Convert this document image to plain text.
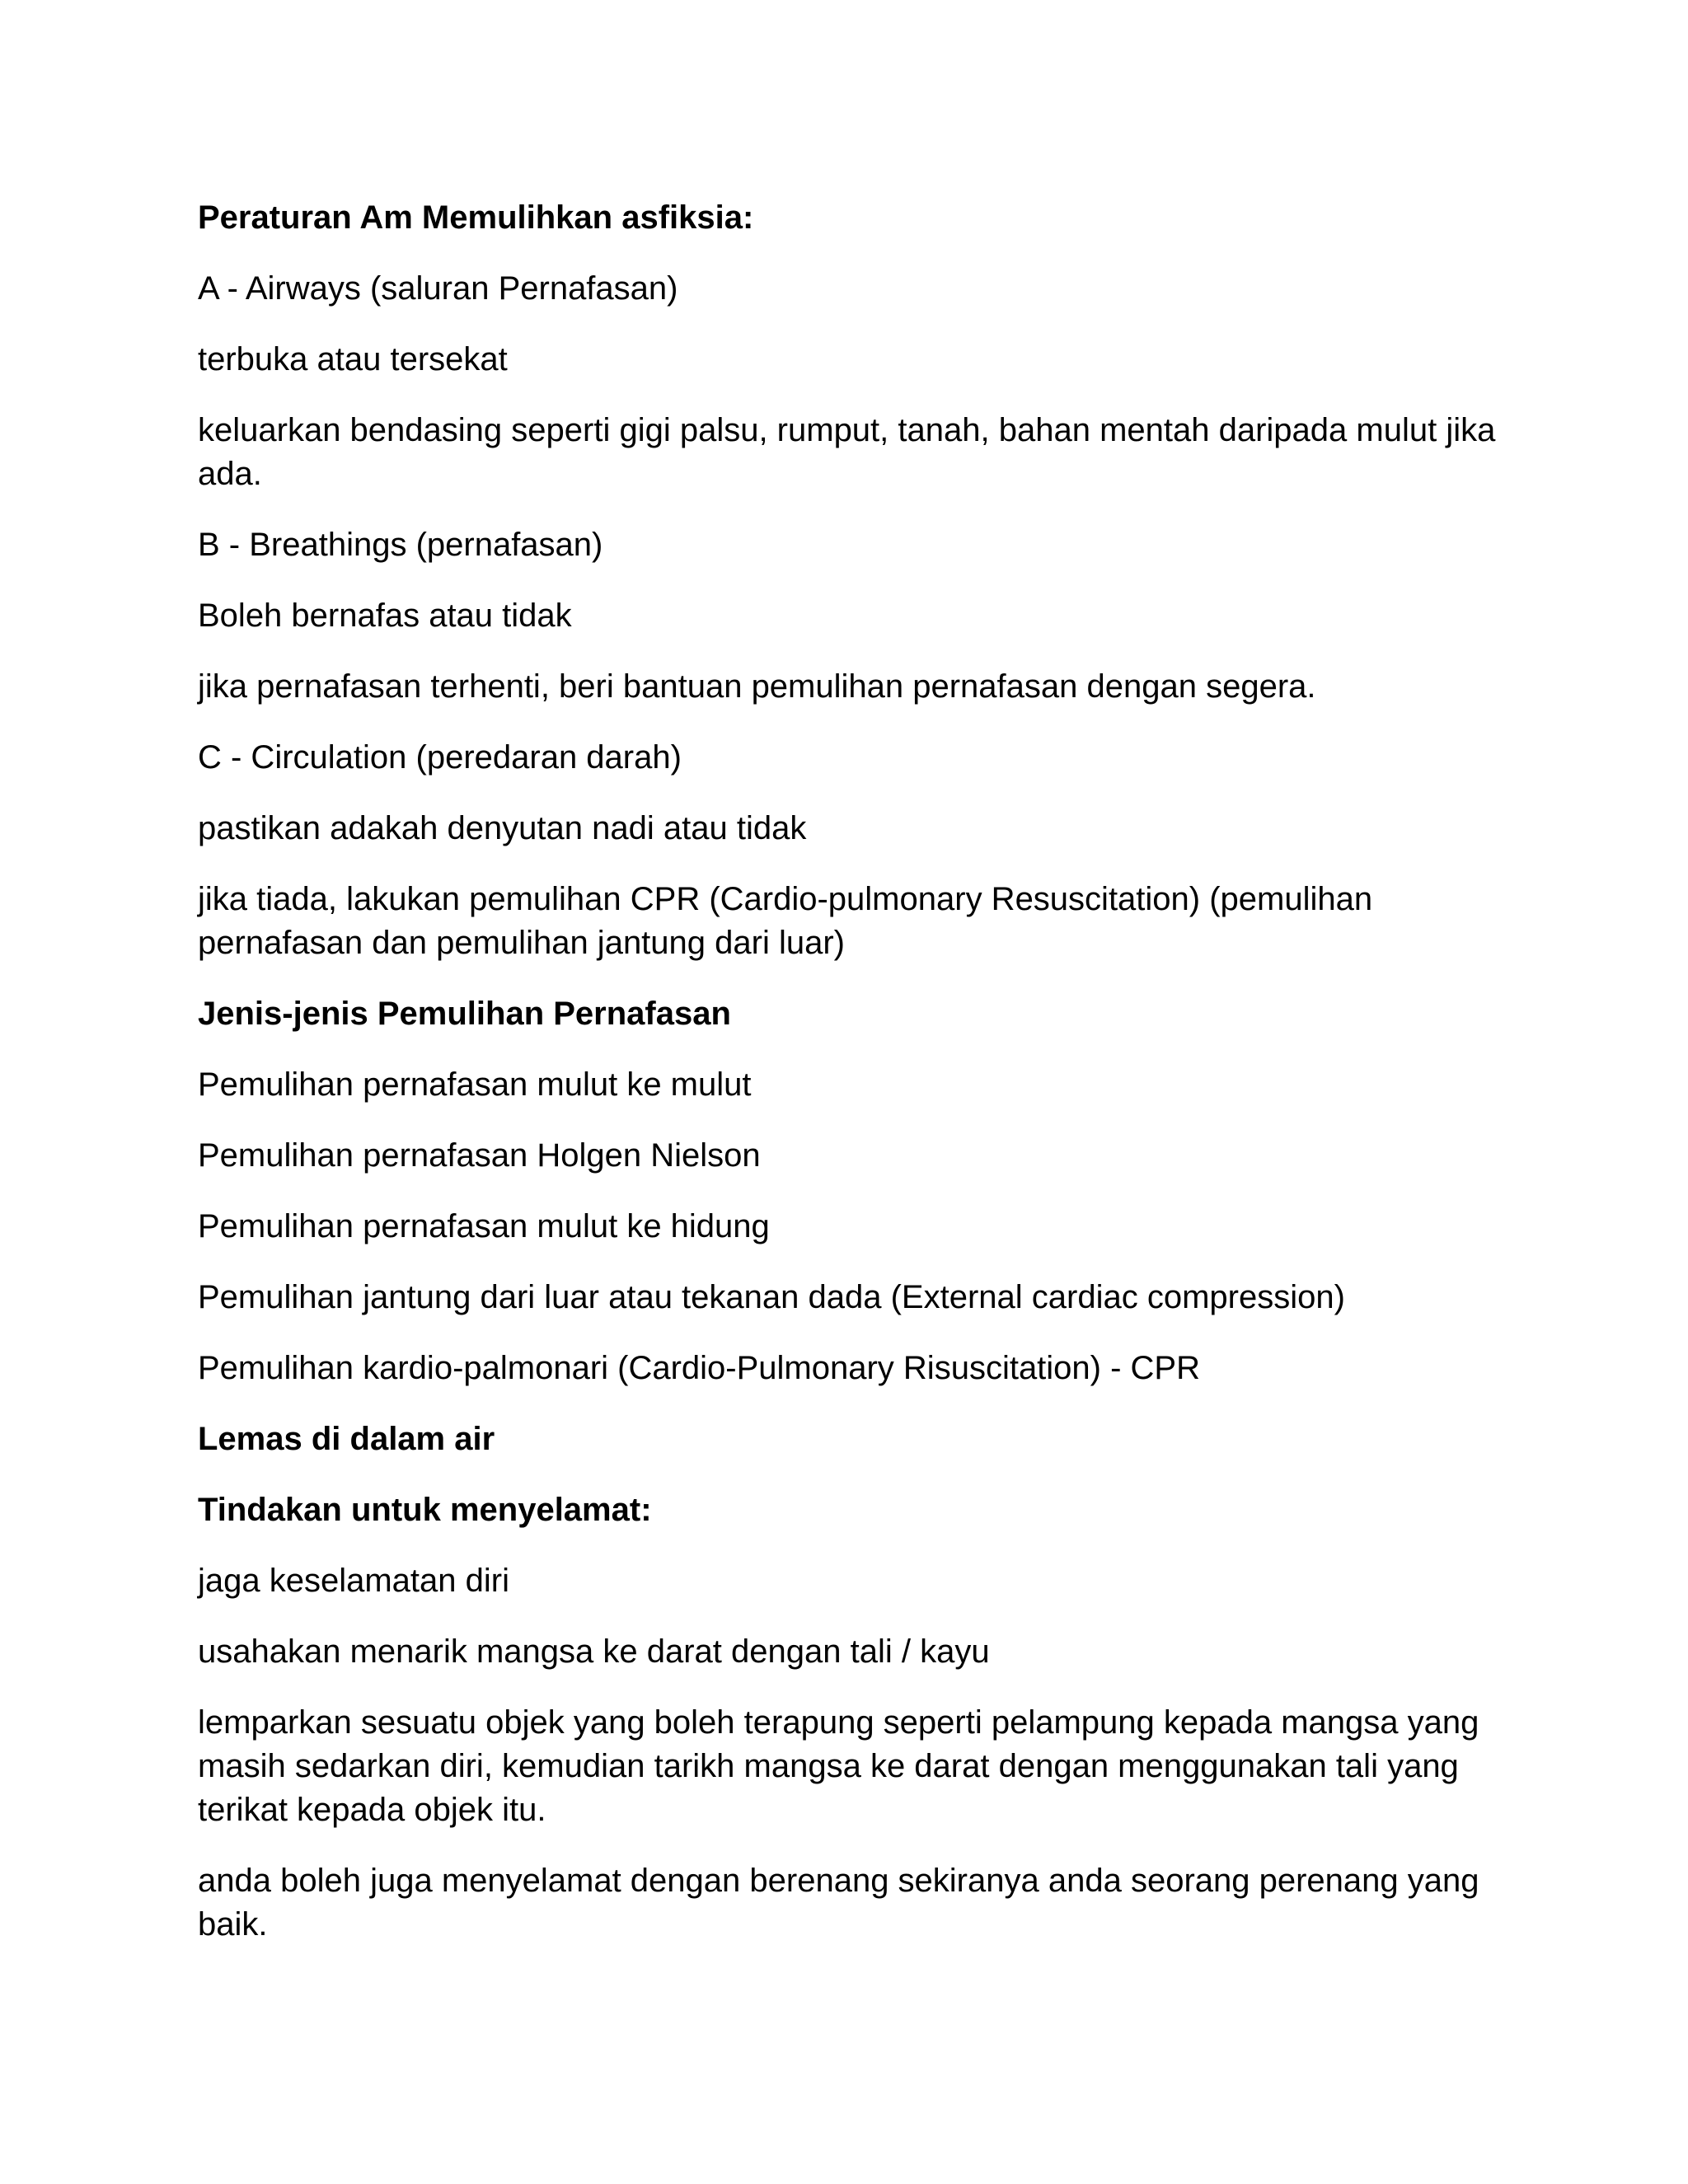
Peraturan Am Memulihkan asfiksia:

A - Airways (saluran Pernafasan)

terbuka atau tersekat

keluarkan bendasing seperti gigi palsu, rumput, tanah, bahan mentah daripada mulut jika ada.

B - Breathings (pernafasan)

Boleh bernafas atau tidak

jika pernafasan terhenti, beri bantuan pemulihan pernafasan dengan segera.

C - Circulation (peredaran darah)

pastikan adakah denyutan nadi atau tidak

jika tiada, lakukan pemulihan CPR (Cardio-pulmonary Resuscitation) (pemulihan pernafasan dan pemulihan jantung dari luar)

Jenis-jenis Pemulihan Pernafasan

Pemulihan pernafasan mulut ke mulut

Pemulihan pernafasan Holgen Nielson

Pemulihan pernafasan mulut ke hidung

Pemulihan jantung dari luar atau tekanan dada (External cardiac compression)

Pemulihan kardio-palmonari (Cardio-Pulmonary Risuscitation) - CPR

Lemas di dalam air

Tindakan untuk menyelamat:

jaga keselamatan diri

usahakan menarik mangsa ke darat dengan tali / kayu

lemparkan sesuatu objek yang boleh terapung seperti pelampung kepada mangsa yang masih sedarkan diri, kemudian tarikh mangsa ke darat dengan menggunakan tali yang terikat kepada objek itu.

anda boleh juga menyelamat dengan berenang sekiranya anda seorang perenang yang baik.
